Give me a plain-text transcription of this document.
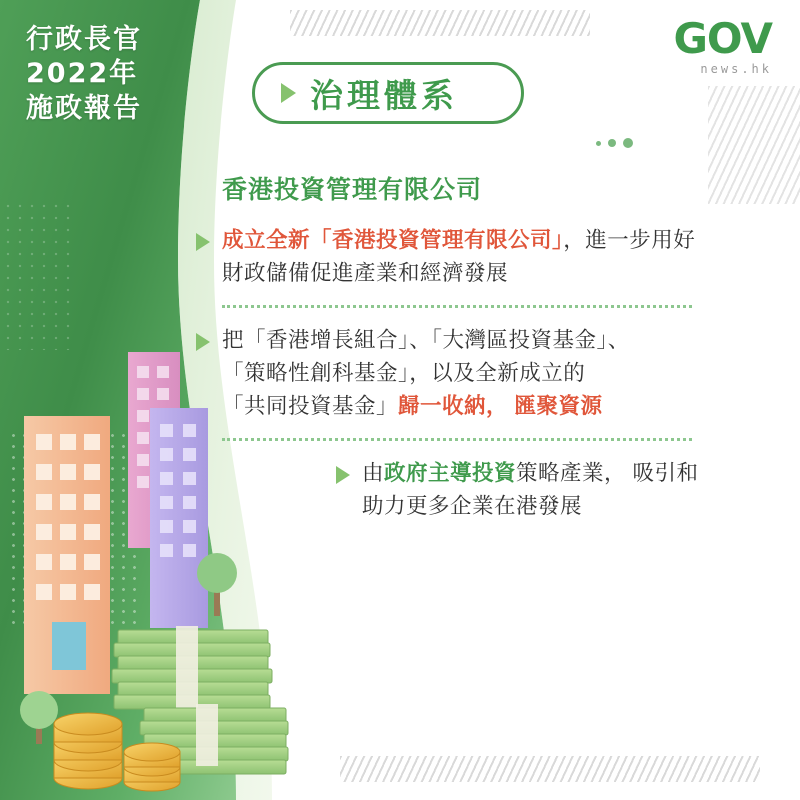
行政長官
2022年
施政報告
GOV
news.hk
治理體系
香港投資管理有限公司
成立全新「香港投資管理有限公司」，進一步用好
財政儲備促進產業和經濟發展
把「香港增長組合」、「大灣區投資基金」、
「策略性創科基金」，以及全新成立的
「共同投資基金」歸一收納， 匯聚資源
由政府主導投資策略產業， 吸引和
助力更多企業在港發展
